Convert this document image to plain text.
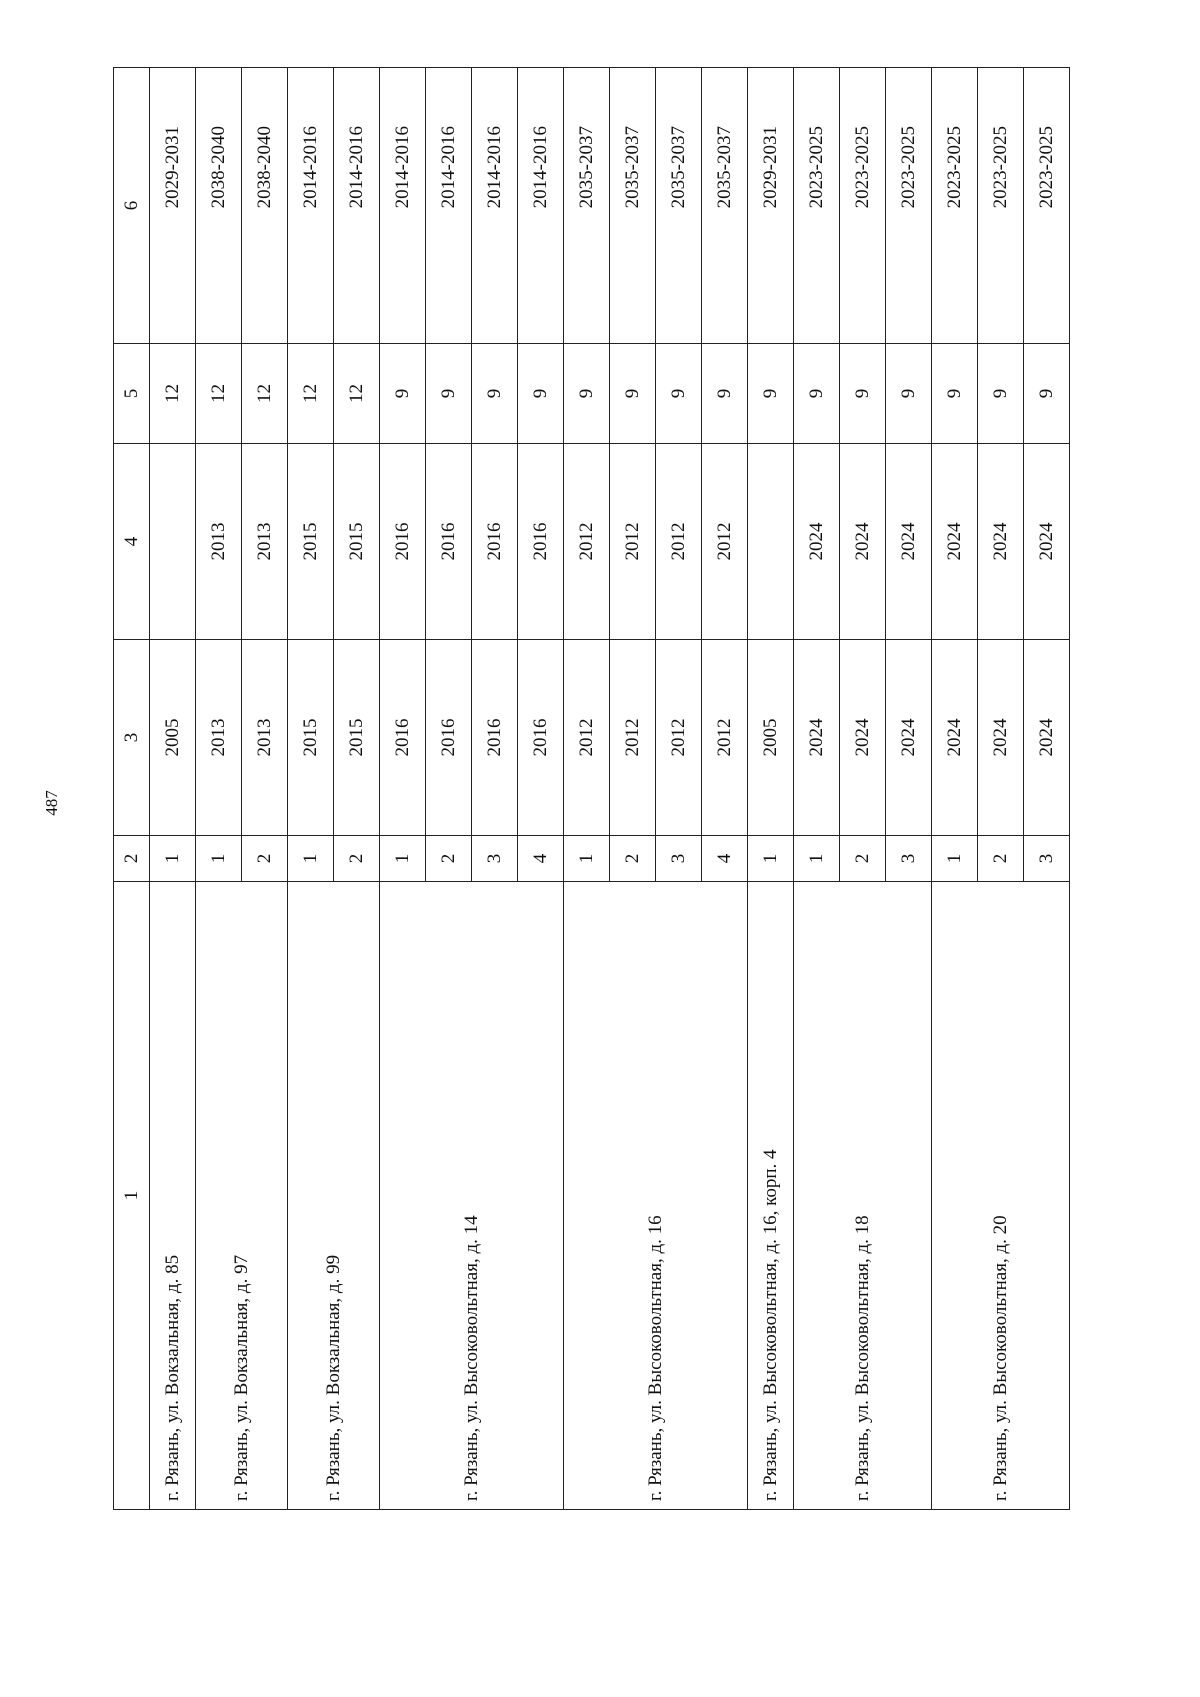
487
1	2	3	4	5	6
г. Рязань, ул. Вокзальная, д. 85	1	2005		12	2029-2031
г. Рязань, ул. Вокзальная, д. 97	1	2013	2013	12	2038-2040
	2	2013	2013	12	2038-2040
г. Рязань, ул. Вокзальная, д. 99	1	2015	2015	12	2014-2016
	2	2015	2015	12	2014-2016
г. Рязань, ул. Высоковольтная, д. 14	1	2016	2016	9	2014-2016
	2	2016	2016	9	2014-2016
	3	2016	2016	9	2014-2016
	4	2016	2016	9	2014-2016
г. Рязань, ул. Высоковольтная, д. 16	1	2012	2012	9	2035-2037
	2	2012	2012	9	2035-2037
	3	2012	2012	9	2035-2037
	4	2012	2012	9	2035-2037
г. Рязань, ул. Высоковольтная, д. 16, корп. 4	1	2005		9	2029-2031
г. Рязань, ул. Высоковольтная, д. 18	1	2024	2024	9	2023-2025
	2	2024	2024	9	2023-2025
	3	2024	2024	9	2023-2025
г. Рязань, ул. Высоковольтная, д. 20	1	2024	2024	9	2023-2025
	2	2024	2024	9	2023-2025
	3	2024	2024	9	2023-2025
